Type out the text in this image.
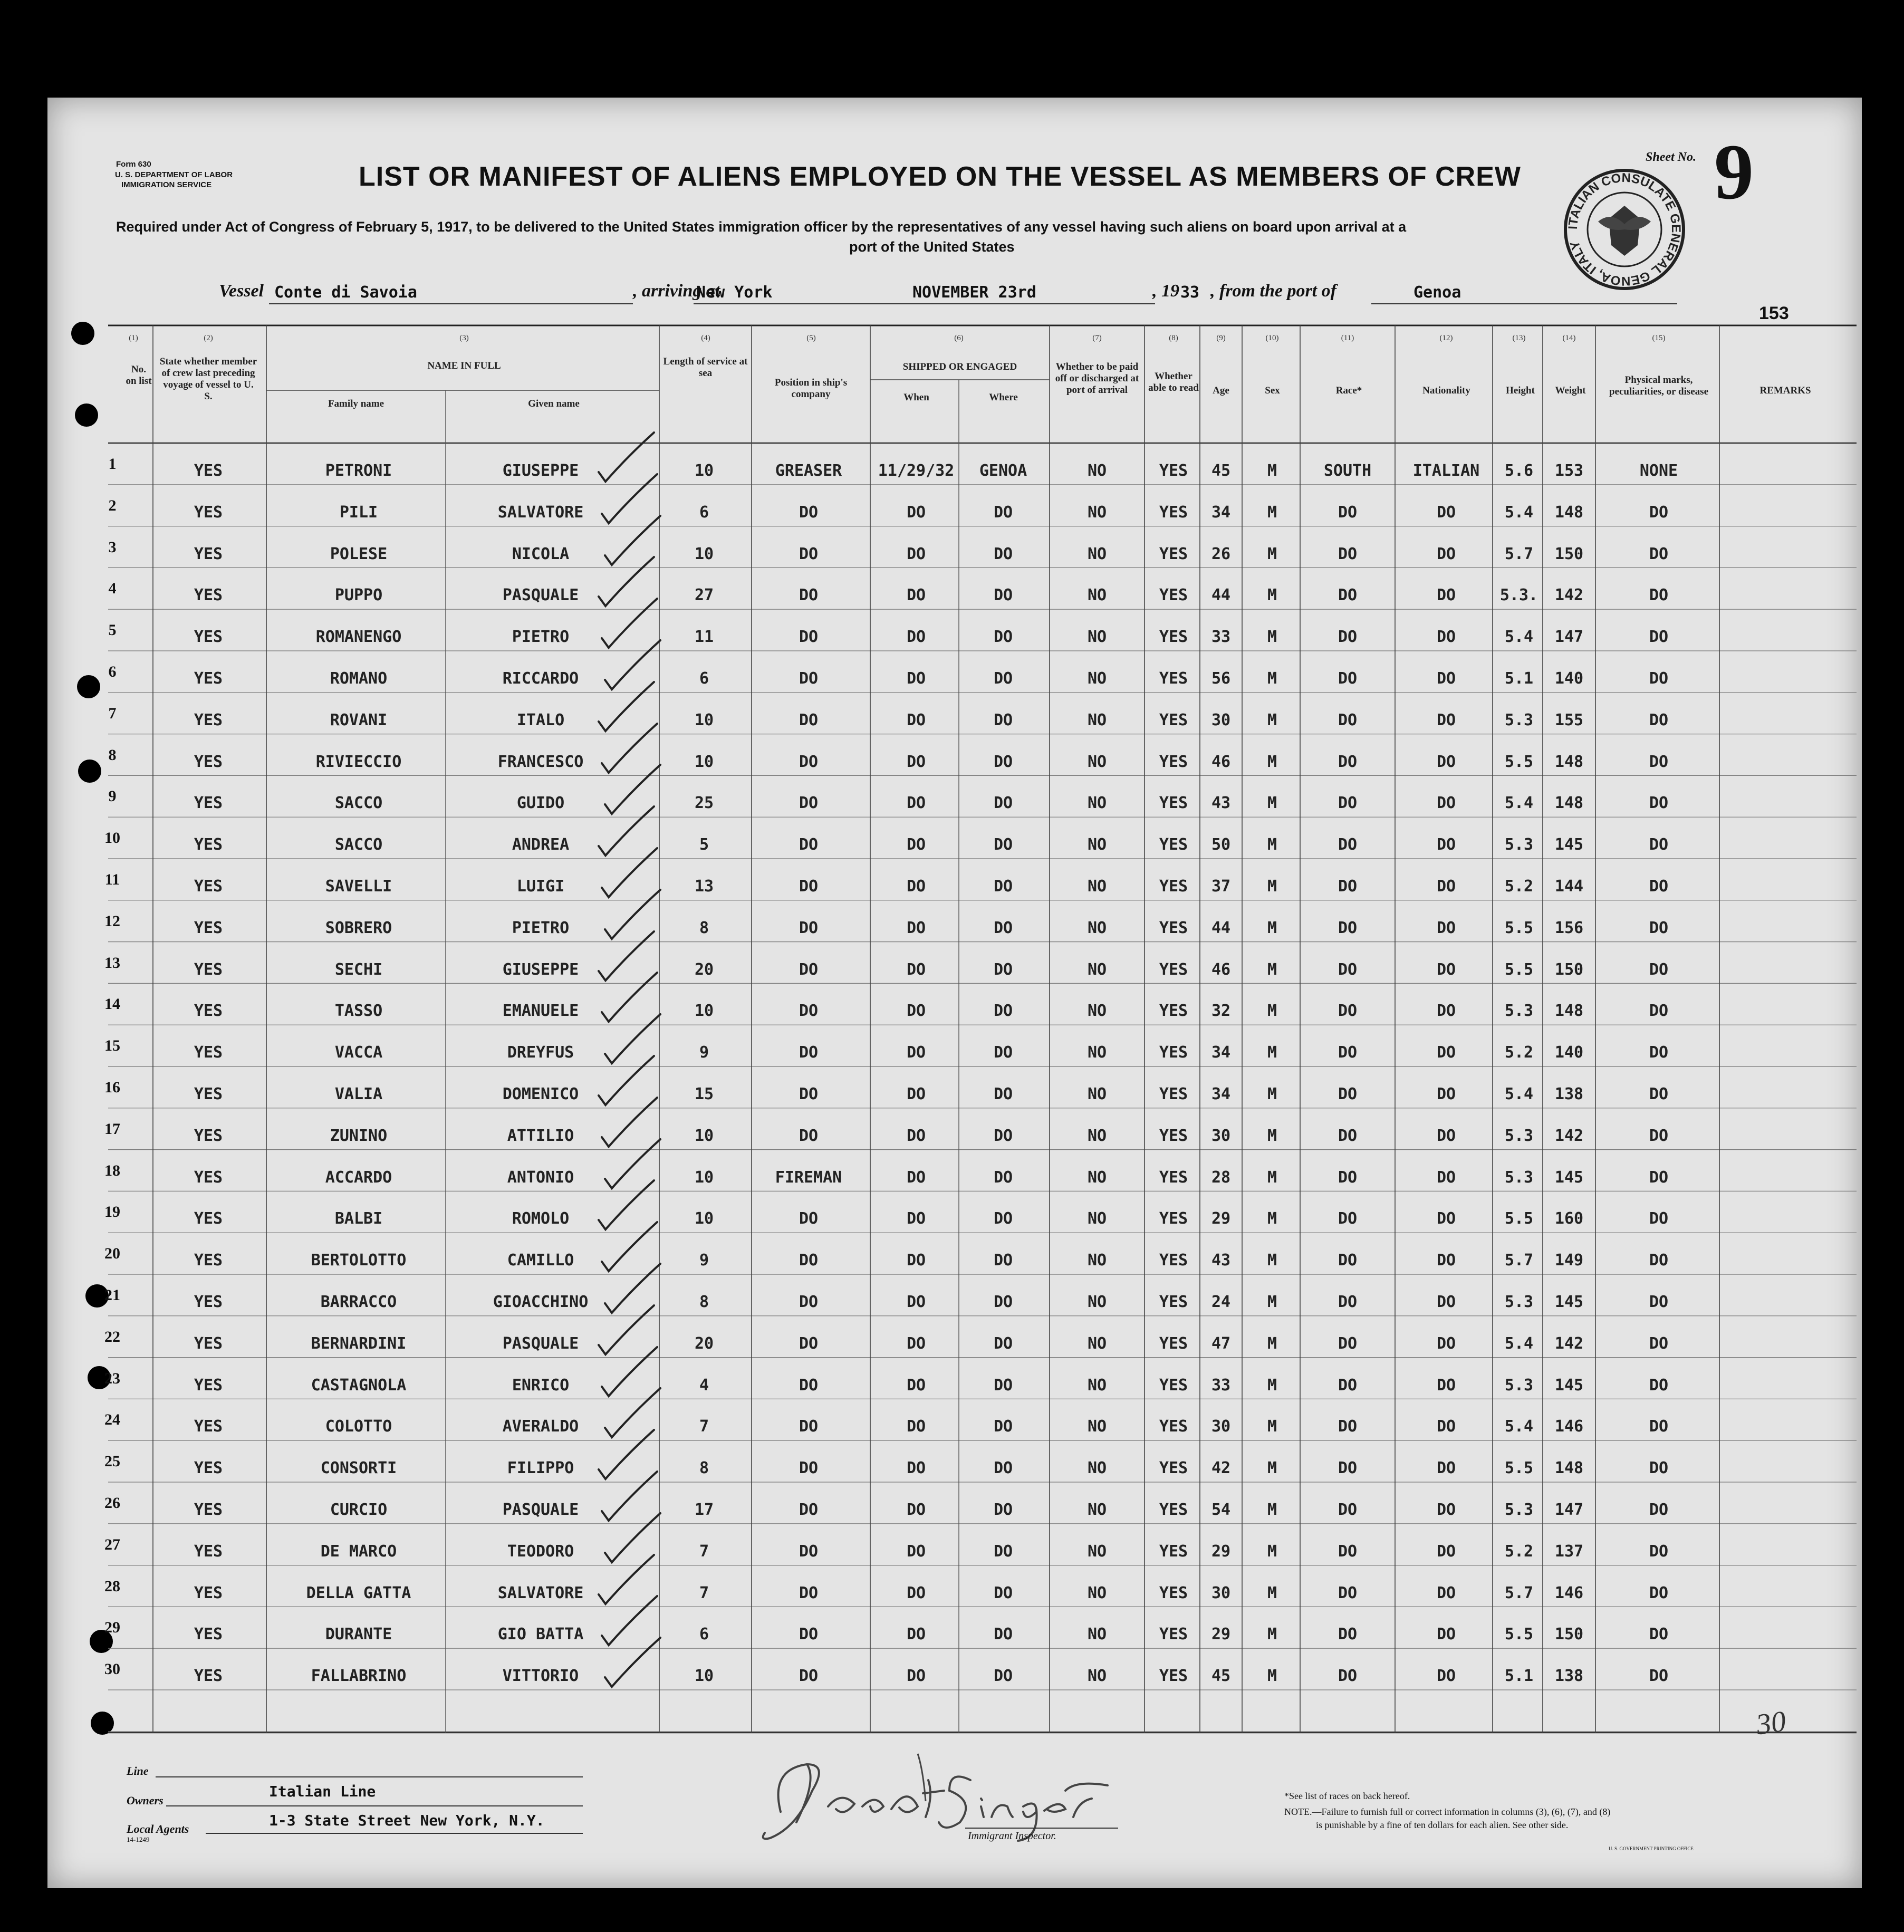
Form 630
U. S. DEPARTMENT OF LABOR
IMMIGRATION SERVICE	LIST OR MANIFEST OF ALIENS EMPLOYED ON THE VESSEL AS MEMBERS OF CREW
Required under Act of Congress of February 5, 1917, to be delivered to the United States immigration officer by the representatives of any vessel having such aliens on board upon arrival at a
port of the United States
Sheet No. 9
153
ITALIAN CONSULATE GENERAL GENOA, ITALY
Vessel Conte di Savoia	, arriving at
New York	NOVEMBER 23rd	, 19 33 , from the port of	Genoa
No. on list
State whether member of crew last preceding voyage of vessel to U. S.
NAME IN FULL
Family name	Given name
Length of service at sea
Position in ship's company
SHIPPED OR ENGAGED
When	Where
Whether to be paid off or discharged at port of arrival
Whether able to read	Age	Sex	Race*	Nationality	Height	Weight
Physical marks, peculiarities, or disease	REMARKS
(1)	(2)	(3)	(4)	(5)	(6)	(7)	(8)	(9)	(10)	(11)	(12)	(13)	(14)	(15)
1	YES	PETRONI	GIUSEPPE	10	GREASER 11/29/32 GENOA	NO	YES 45 M	SOUTH	ITALIAN 5.6 153	NONE
2	YES	PILI	SALVATORE	6	DO	DO	DO	NO	YES 34 M	DO	DO	5.4 148	DO
3	YES	POLESE	NICOLA	10	DO	DO	DO	NO	YES 26 M	DO	DO	5.7 150	DO
4	YES	PUPPO	PASQUALE	27	DO	DO	DO	NO	YES 44 M	DO	DO	5.3. 142	DO
5	YES	ROMANENGO	PIETRO	11	DO	DO	DO	NO	YES 33 M	DO	DO	5.4 147	DO
6	YES	ROMANO	RICCARDO	6	DO	DO	DO	NO	YES 56 M	DO	DO	5.1 140	DO
7	YES	ROVANI	ITALO	10	DO	DO	DO	NO	YES 30 M	DO	DO	5.3 155	DO
8	YES	RIVIECCIO	FRANCESCO	10	DO	DO	DO	NO	YES 46 M	DO	DO	5.5 148	DO
9	YES	SACCO	GUIDO	25	DO	DO	DO	NO	YES 43 M	DO	DO	5.4 148	DO
10	YES	SACCO	ANDREA	5	DO	DO	DO	NO	YES 50 M	DO	DO	5.3 145	DO
11	YES	SAVELLI	LUIGI	13	DO	DO	DO	NO	YES 37 M	DO	DO	5.2 144	DO
12	YES	SOBRERO	PIETRO	8	DO	DO	DO	NO	YES 44 M	DO	DO	5.5 156	DO
13	YES	SECHI	GIUSEPPE	20	DO	DO	DO	NO	YES 46 M	DO	DO	5.5 150	DO
14	YES	TASSO	EMANUELE	10	DO	DO	DO	NO	YES 32 M	DO	DO	5.3 148	DO
15	YES	VACCA	DREYFUS	9	DO	DO	DO	NO	YES 34 M	DO	DO	5.2 140	DO
16	YES	VALIA	DOMENICO	15	DO	DO	DO	NO	YES 34 M	DO	DO	5.4 138	DO
17	YES	ZUNINO	ATTILIO	10	DO	DO	DO	NO	YES 30 M	DO	DO	5.3 142	DO
18	YES	ACCARDO	ANTONIO	10	FIREMAN	DO	DO	NO	YES 28 M	DO	DO	5.3 145	DO
19	YES	BALBI	ROMOLO	10	DO	DO	DO	NO	YES 29 M	DO	DO	5.5 160	DO
20	YES	BERTOLOTTO	CAMILLO	9	DO	DO	DO	NO	YES 43 M	DO	DO	5.7 149	DO
21	YES	BARRACCO	GIOACCHINO	8	DO	DO	DO	NO	YES 24 M	DO	DO	5.3 145	DO
22	YES	BERNARDINI	PASQUALE	20	DO	DO	DO	NO	YES 47 M	DO	DO	5.4 142	DO
23	YES	CASTAGNOLA	ENRICO	4	DO	DO	DO	NO	YES 33 M	DO	DO	5.3 145	DO
24	YES	COLOTTO	AVERALDO	7	DO	DO	DO	NO	YES 30 M	DO	DO	5.4 146	DO
25	YES	CONSORTI	FILIPPO	8	DO	DO	DO	NO	YES 42 M	DO	DO	5.5 148	DO
26	YES	CURCIO	PASQUALE	17	DO	DO	DO	NO	YES 54 M	DO	DO	5.3 147	DO
27	YES	DE MARCO	TEODORO	7	DO	DO	DO	NO	YES 29 M	DO	DO	5.2 137	DO
28	YES	DELLA GATTA	SALVATORE	7	DO	DO	DO	NO	YES 30 M	DO	DO	5.7 146	DO
29	YES	DURANTE	GIO BATTA	6	DO	DO	DO	NO	YES 29 M	DO	DO	5.5 150	DO
30	YES	FALLABRINO	VITTORIO	10	DO	DO	DO	NO	YES 45 M	DO	DO	5.1 138	DO
30
Line
Owners
Italian Line
Local Agents	1-3 State Street New York, N.Y.
14-1249	Immigrant Inspector.
*See list of races on back hereof.
NOTE.—Failure to furnish full or correct information in columns (3), (6), (7), and (8)
is punishable by a fine of ten dollars for each alien. See other side.
U. S. GOVERNMENT PRINTING OFFICE
